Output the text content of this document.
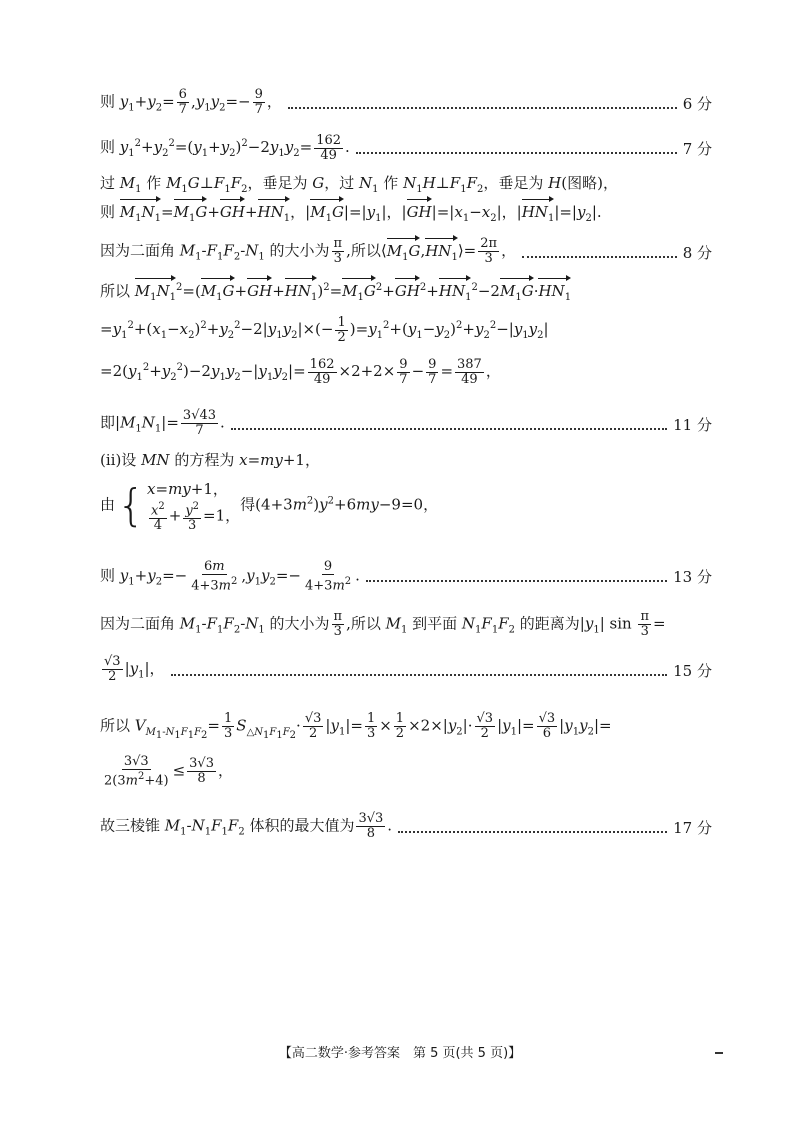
则 $y_1+y_2= \frac{6}{7} ,y_1y_2=- \frac{9}{7}$ ，	6 分
则 $y_1^2+y_2^2=(y_1+y_2)^2-2y_1y_2= \frac{162}{49}$ .	7 分
过 $M_1$ 作 $M_1G\perp F_1F_2$，垂足为 G，过 $N_1$ 作 $N_1H\perp F_1F_2$，垂足为 H(图略)，
则 $M_1N_1=M_1G+GH+HN_1$，$|M_1G|=|y_1|$，$|GH|=|x_1-x_2|$，$|HN_1|=|y_2|$.
因为二面角 $M_1-F_1F_2-N_1$ 的大小为 $\frac{\pi}{3}$ ,所以$⟨M_1G,HN_1⟩= \frac{2\pi}{3}$ ，	8 分
所以 $M_1N_1^2=(M_1G+GH+HN_1)^2=M_1G^2+GH^2+HN_1^2-2M_1G\cdot HN_1$
$=y_1^2+(x_1-x_2)^2+y_2^2-2|y_1y_2|\times(- \frac{1}{2} )=y_1^2+(y_1-y_2)^2+y_2^2-|y_1y_2|$
$=2(y_1^2+y_2^2)-2y_1y_2-|y_1y_2|= \frac{162}{49} \times 2+2\times \frac{9}{7} - \frac{9}{7} = \frac{387}{49}$ ，
即$|M_1N_1|= \frac{3√43}{7}$ .	11 分
(ⅱ)设 MN 的方程为 x=my+1，
由{ x=my+1，
$\frac{x^2}{4} + \frac{y^2}{3} =1$，
得$(4+3m^2)y^2+6my-9=0$，
则 $y_1+y_2=- \frac{6m}{4+3m^2} ,y_1y_2=- \frac{9}{4+3m^2}$ .	13 分
因为二面角 $M_1-F_1F_2-N_1$ 的大小为 $\frac{\pi}{3}$ ,所以 $M_1$ 到平面 $N_1F_1F_2$ 的距离为$|y_1|$ $\sin \frac{\pi}{3}$ =
$\frac{√3}{2} |y_1|$，	15 分
所以 $V_{M_1-N_1F_1F_2}= \frac{1}{3} S_{\triangle N_1F_1F_2}\cdot \frac{√3}{2} |y_1|= \frac{1}{3} \times \frac{1}{2} \times 2\times|y_2|\cdot \frac{√3}{2} |y_1|= \frac{√3}{6} |y_1y_2|=$
$\frac{3√3}{2(3m^2+4)} \le \frac{3√3}{8}$ ，
故三棱锥 $M_1-N_1F_1F_2$ 体积的最大值为 $\frac{3√3}{8}$ .	17 分
【高二数学·参考答案　第 5 页(共 5 页)】
